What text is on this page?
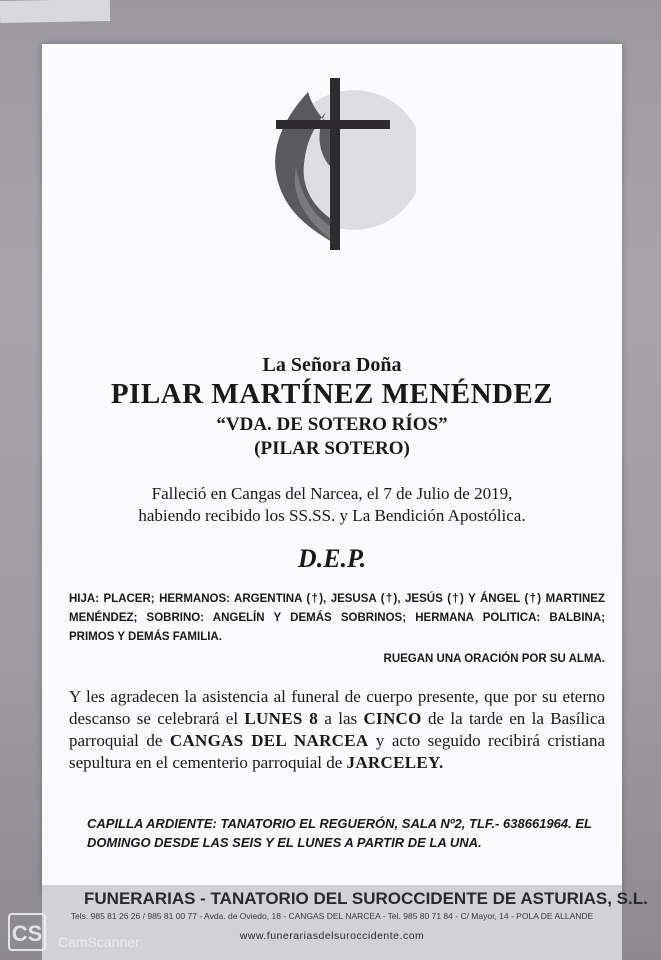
La Señora Doña
PILAR MARTÍNEZ MENÉNDEZ
“VDA. DE SOTERO RÍOS”
(PILAR SOTERO)
Falleció en Cangas del Narcea, el 7 de Julio de 2019,
habiendo recibido los SS.SS. y La Bendición Apostólica.
D.E.P.
HIJA: PLACER; HERMANOS: ARGENTINA (†), JESUSA (†), JESÚS (†) Y ÁNGEL (†) MARTINEZ MENÉNDEZ; SOBRINO: ANGELÍN Y DEMÁS SOBRINOS; HERMANA POLITICA: BALBINA; PRIMOS Y DEMÁS FAMILIA.
RUEGAN UNA ORACIÓN POR SU ALMA.
Y les agradecen la asistencia al funeral de cuerpo presente, que por su eterno descanso se celebrará el LUNES 8 a las CINCO de la tarde en la Basílica parroquial de CANGAS DEL NARCEA y acto seguido recibirá cristiana sepultura en el cementerio parroquial de JARCELEY.
CAPILLA ARDIENTE: TANATORIO EL REGUERÓN, SALA Nº2, TLF.- 638661964. EL DOMINGO DESDE LAS SEIS Y EL LUNES A PARTIR DE LA UNA.
FUNERARIAS - TANATORIO DEL SUROCCIDENTE DE ASTURIAS, S.L.
Tels. 985 81 26 26 / 985 81 00 77 - Avda. de Oviedo, 18 - CANGAS DEL NARCEA - Tel. 985 80 71 84 - C/ Mayor, 14 - POLA DE ALLANDE
www.funerariasdelsuroccidente.com
CS CamScanner
